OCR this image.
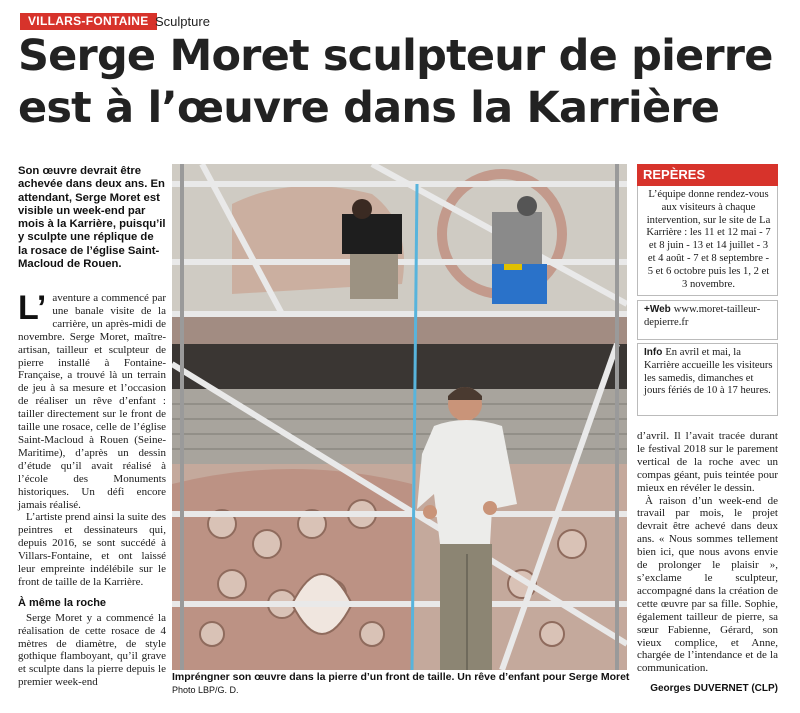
VILLARS-FONTAINE Sculpture
Serge Moret sculpteur de pierre
est à l’œuvre dans la Karrière
Son œuvre devrait être achevée dans deux ans. En attendant, Serge Moret est visible un week-end par mois à la Karrière, puisqu’il y sculpte une réplique de la rosace de l’église Saint-Macloud de Rouen.

L’ aventure a commencé par une banale visite de la carrière, un après-midi de novembre. Serge Moret, maître-artisan, tailleur et sculpteur de pierre installé à Fontaine-Française, a trouvé là un terrain de jeu à sa mesure et l’occasion de réaliser un rêve d’enfant : tailler directement sur le front de taille une rosace, celle de l’église Saint-Macloud à Rouen (Seine-Maritime), d’après un dessin d’étude qu’il avait réalisé à l’école des Monuments historiques. Un défi encore jamais réalisé.

L’artiste prend ainsi la suite des peintres et dessinateurs qui, depuis 2016, se sont succédé à Villars-Fontaine, et ont laissé leur empreinte indélébile sur le front de taille de la Karrière.

À même la roche

Serge Moret y a commencé la réalisation de cette rosace de 4 mètres de diamètre, de style gothique flamboyant, qu’il grave et sculpte dans la pierre depuis le premier week-end	Impréngner son œuvre dans la pierre d’un front de taille. Un rêve d’enfant pour Serge Moret Photo LBP/G. D.
REPÈRES
L’équipe donne rendez-vous aux visiteurs à chaque intervention, sur le site de La Karrière : les 11 et 12 mai - 7 et 8 juin - 13 et 14 juillet - 3 et 4 août - 7 et 8 septembre - 5 et 6 octobre puis les 1, 2 et 3 novembre.
+Web www.moret-tailleur-depierre.fr
Info En avril et mai, la Karrière accueille les visiteurs les samedis, dimanches et jours fériés de 10 à 17 heures.

d’avril. Il l’avait tracée durant le festival 2018 sur le parement vertical de la roche avec un compas géant, puis teintée pour mieux en révéler le dessin.

À raison d’un week-end de travail par mois, le projet devrait être achevé dans deux ans. « Nous sommes tellement bien ici, que nous avons envie de prolonger le plaisir », s’exclame le sculpteur, accompagné dans la création de cette œuvre par sa fille. Sophie, également tailleur de pierre, sa sœur Fabienne, Gérard, son vieux complice, et Anne, chargée de l’intendance et de la communication.

Georges DUVERNET (CLP)
